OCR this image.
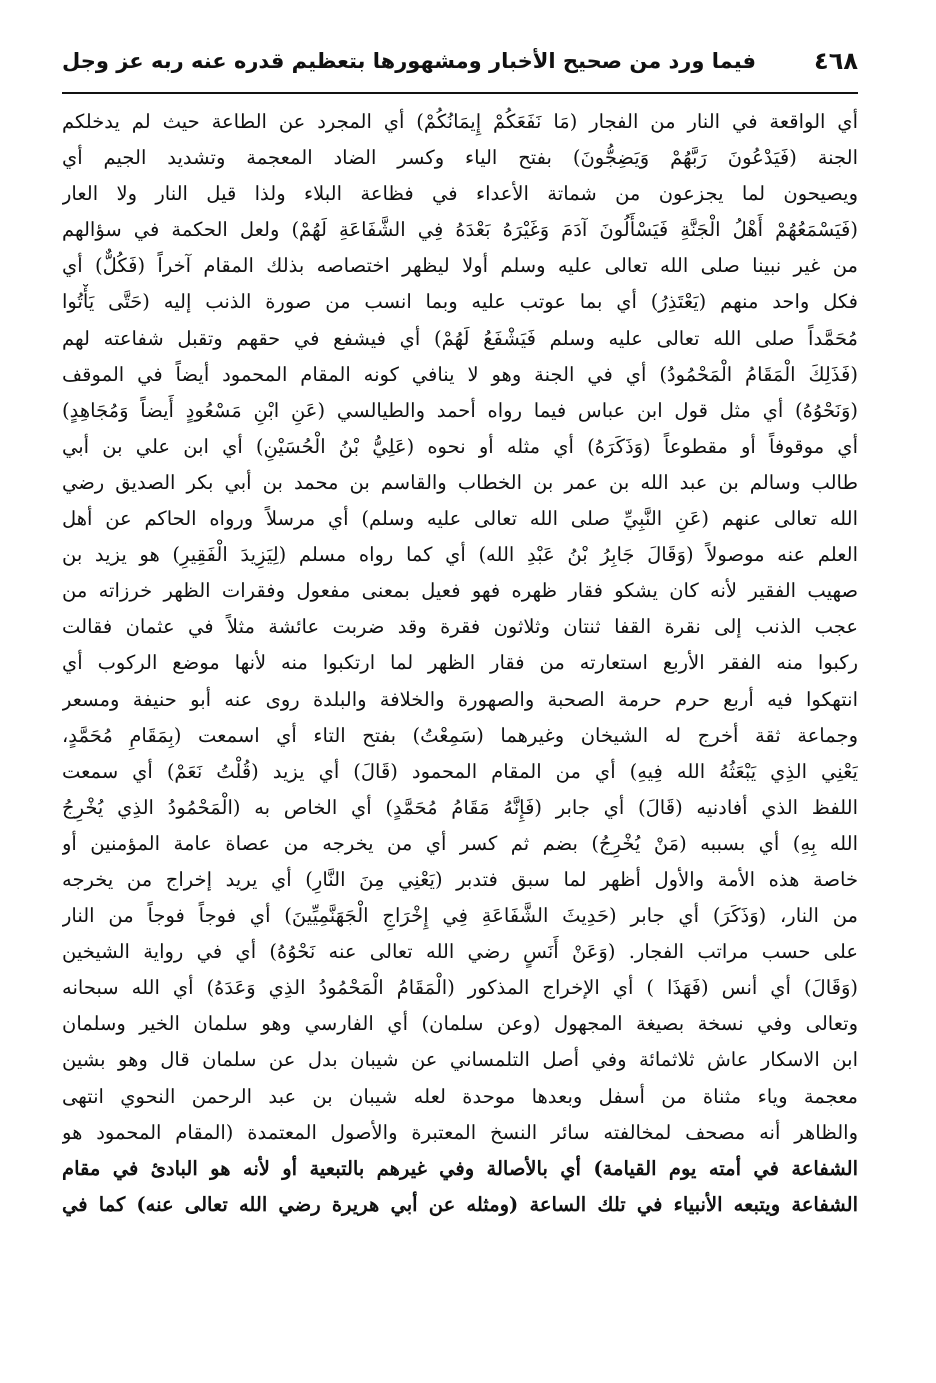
٤٦٨
فيما ورد من صحيح الأخبار ومشهورها بتعظيم قدره عنه ربه عز وجل
أي الواقعة في النار من الفجار (مَا نَفَعَكُمْ إِيمَانُكُمْ) أي المجرد عن الطاعة حيث لم يدخلكم
الجنة (فَيَدْعُونَ رَبَّهُمْ وَيَضِجُّونَ) بفتح الياء وكسر الضاد المعجمة وتشديد الجيم أي
ويصيحون لما يجزعون من شماتة الأعداء في فظاعة البلاء ولذا قيل النار ولا العار
(فَيَسْمَعُهُمْ أَهْلُ الْجَنَّةِ فَيَسْأَلُونَ آدَمَ وَغَيْرَهُ بَعْدَهُ فِي الشَّفَاعَةِ لَهُمْ) ولعل الحكمة في سؤالهم
من غير نبينا صلى الله تعالى عليه وسلم أولا ليظهر اختصاصه بذلك المقام آخراً (فَكُلٌّ) أي
فكل واحد منهم (يَعْتَذِرُ) أي بما عوتب عليه وبما انسب من صورة الذنب إليه (حَتَّى يَأْتُوا
مُحَمَّداً صلى الله تعالى عليه وسلم فَيَشْفَعُ لَهُمْ) أي فيشفع في حقهم وتقبل شفاعته لهم
(فَذَلِكَ الْمَقَامُ الْمَحْمُودُ) أي في الجنة وهو لا ينافي كونه المقام المحمود أيضاً في الموقف
(وَنَحْوُهُ) أي مثل قول ابن عباس فيما رواه أحمد والطيالسي (عَنِ ابْنِ مَسْعُودٍ أَيضاً وَمُجَاهِدٍ)
أي موقوفاً أو مقطوعاً (وَذَكَرَهُ) أي مثله أو نحوه (عَلِيُّ بْنُ الْحُسَيْنِ) أي ابن علي بن أبي
طالب وسالم بن عبد الله بن عمر بن الخطاب والقاسم بن محمد بن أبي بكر الصديق رضي
الله تعالى عنهم (عَنِ النَّبِيِّ صلى الله تعالى عليه وسلم) أي مرسلاً ورواه الحاكم عن أهل
العلم عنه موصولاً (وَقَالَ جَابِرُ بْنُ عَبْدِ الله) أي كما رواه مسلم (لِيَزِيدَ الْفَقِيرِ) هو يزيد بن
صهيب الفقير لأنه كان يشكو فقار ظهره فهو فعيل بمعنى مفعول وفقرات الظهر خرزاته من
عجب الذنب إلى نقرة القفا ثنتان وثلاثون فقرة وقد ضربت عائشة مثلاً في عثمان فقالت
ركبوا منه الفقر الأربع استعارته من فقار الظهر لما ارتكبوا منه لأنها موضع الركوب أي
انتهكوا فيه أربع حرم حرمة الصحبة والصهورة والخلافة والبلدة روى عنه أبو حنيفة ومسعر
وجماعة ثقة أخرج له الشيخان وغيرهما (سَمِعْتُ) بفتح التاء أي اسمعت (بِمَقَامِ مُحَمَّدٍ،
يَعْنِي الذِي يَبْعَثُهُ الله فِيهِ) أي من المقام المحمود (قَالَ) أي يزيد (قُلْتُ نَعَمْ) أي سمعت
اللفظ الذي أفادنيه (قَالَ) أي جابر (فَإِنَّهُ مَقَامُ مُحَمَّدٍ) أي الخاص به (الْمَحْمُودُ الذِي يُخْرِجُ
الله بِهِ) أي بسببه (مَنْ يُخْرِجُ) بضم ثم كسر أي من يخرجه من عصاة عامة المؤمنين أو
خاصة هذه الأمة والأول أظهر لما سبق فتدبر (يَعْنِي مِنَ النَّارِ) أي يريد إخراج من يخرجه
من النار، (وَذَكَرَ) أي جابر (حَدِيثَ الشَّفَاعَةِ فِي إِخْرَاجِ الْجَهَنَّمِيِّينَ) أي فوجاً فوجاً من النار
على حسب مراتب الفجار. (وَعَنْ أَنَسٍ رضي الله تعالى عنه نَحْوُهُ) أي في رواية الشيخين
(وَقَالَ) أي أنس (فَهَذَا ) أي الإخراج المذكور (الْمَقَامُ الْمَحْمُودُ الذِي وَعَدَهُ) أي الله سبحانه
وتعالى وفي نسخة بصيغة المجهول (وعن سلمان) أي الفارسي وهو سلمان الخير وسلمان
ابن الاسكار عاش ثلاثمائة وفي أصل التلمساني عن شيبان بدل عن سلمان قال وهو بشين
معجمة وياء مثناة من أسفل وبعدها موحدة لعله شيبان بن عبد الرحمن النحوي انتهى
والظاهر أنه مصحف لمخالفته سائر النسخ المعتبرة والأصول المعتمدة (المقام المحمود هو
الشفاعة في أمته يوم القيامة) أي بالأصالة وفي غيرهم بالتبعية أو لأنه هو البادئ في مقام
الشفاعة ويتبعه الأنبياء في تلك الساعة (ومثله عن أبي هريرة رضي الله تعالى عنه) كما في
